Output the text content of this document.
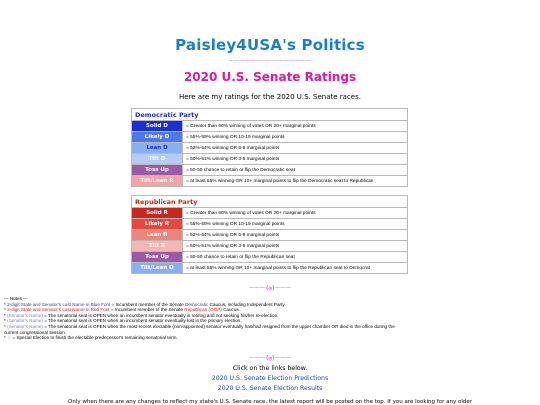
Paisley4USA's Politics
〜〜〜〜〜〜〜〜〜〜〜〜〜〜〜
2020 U.S. Senate Ratings
Here are my ratings for the 2020 U.S. Senate races.
Democratic Party	
Solid D	= Greater than 60% winning of votes OR 20+ marginal points
Likely D	= 55%-59% winning OR 10-19 marginal points
Lean D	= 52%-54% winning OR 6-9 marginal points
Tilt D	= 50%-51% winning OR 3-5 marginal points
Toss Up	= 50-50 chance to retain or flip the Democratic seat
Tilt/Lean R	= at least 55% winning OR 10+ marginal points to flip the Democratic seat to Republican
Republican Party	
Solid R	= Greater than 60% winning of votes OR 20+ marginal points
Likely R	= 55%-59% winning OR 10-19 marginal points
Lean R	= 52%-54% winning OR 6-9 marginal points
Tilt R	= 50%-51% winning OR 3-5 marginal points
Toss Up	= 50-50 chance to retain or flip the Republican seat
Tilt/Lean D	= at least 55% winning OR 10+ marginal points to flip the Republican seat to Democrat
〜〜〜(◎)〜〜〜
--- Notes ---
* 2-digit State and Senator's Last Name in Blue Font = Incumbent member of the Senate Democratic Caucus, including Independent Party.
* 2-digit State and Senator's Last Name in Red Font = Incumbent member of the Senate Republican (GOP) Caucus.
* (Senator's Name) = The senatorial seat is OPEN when an incumbent senator eventually is retiring and not seeking his/her re-election.
* (Senator's Name) = The senatorial seat is OPEN when an incumbent senator eventually lost in the primary election.
* (Senator's Name) = The senatorial seat is OPEN when the most-recent electable (non-appointed) senator eventually has/had resigned from the upper chamber OR died in the office during the
current congressional session.
* ☆ = Special Election to finish the electable predecessor's remaining senatorial term.
〜〜〜(◎)〜〜〜
Click on the links below.
2020 U.S. Senate Election Predictions
2020 U.S. Senate Election Results
Only when there are any changes to reflect my state's U.S. Senate race, the latest report will be posted on the top. If you are looking for any older
